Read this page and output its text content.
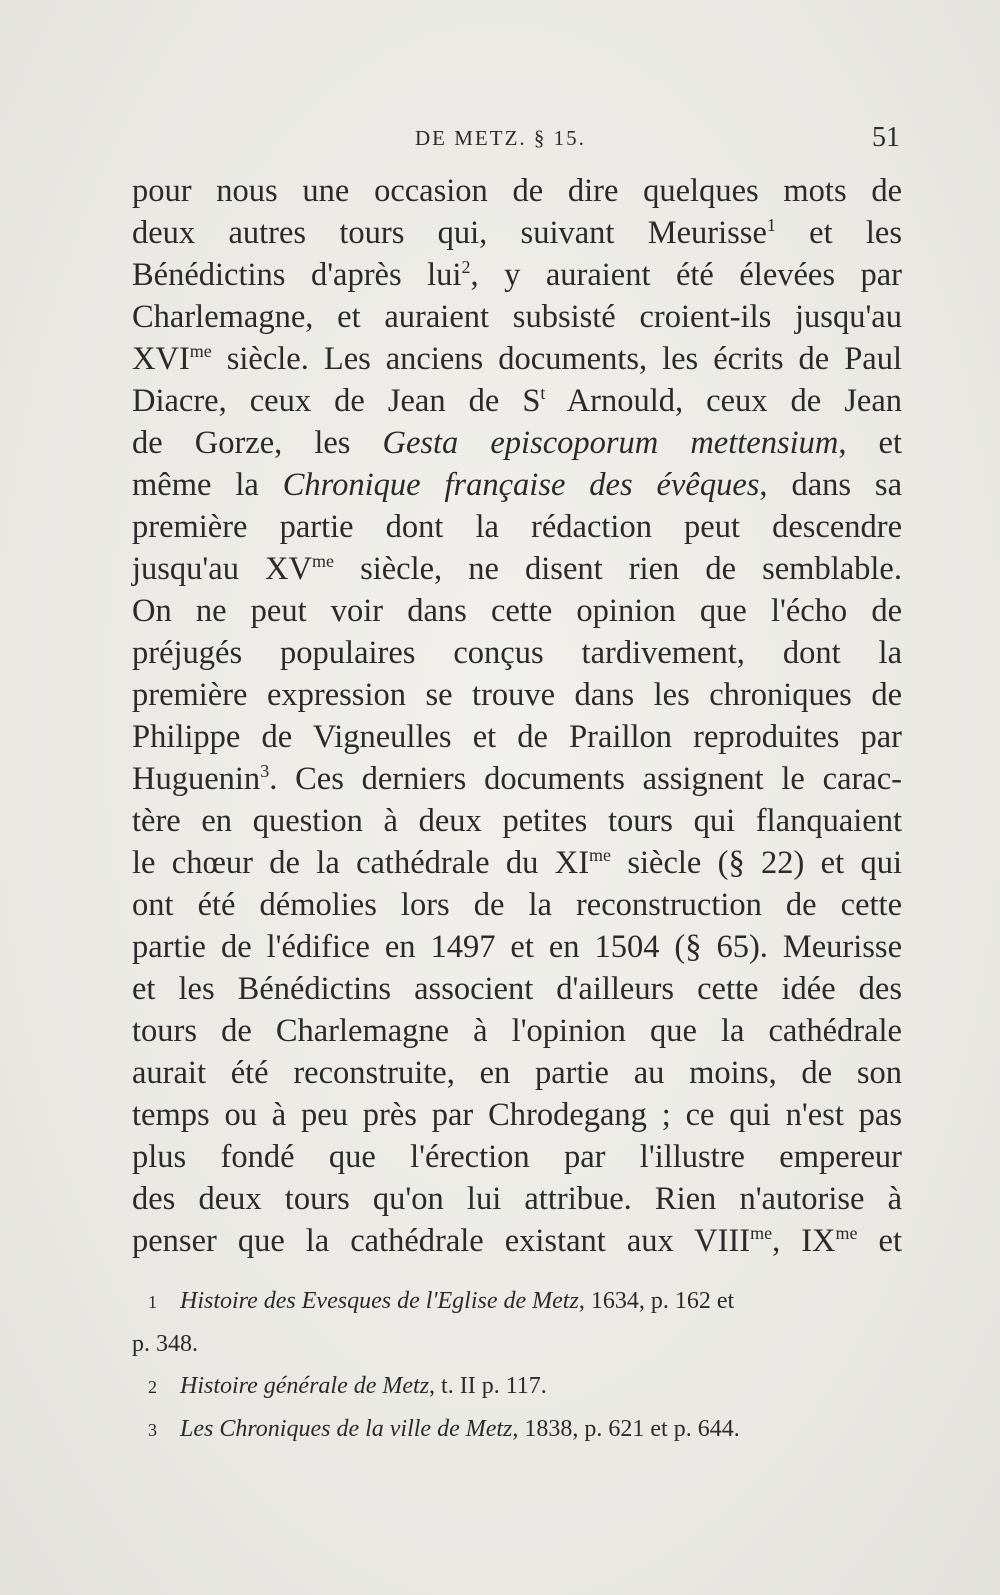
DE METZ. § 15.	51
pour nous une occasion de dire quelques mots de
deux autres tours qui, suivant Meurisse$^1$ et les
Bénédictins d'après lui$^2$, y auraient été élevées par
Charlemagne, et auraient subsisté croient-ils jusqu'au
$XVI^{me}$ siècle. Les anciens documents, les écrits de Paul
Diacre, ceux de Jean de $S^t$ Arnould, ceux de Jean
de Gorze, les Gesta episcoporum mettensium, et
même la Chronique française des évêques, dans sa
première partie dont la rédaction peut descendre
jusqu'au $XV^{me}$ siècle, ne disent rien de semblable.
On ne peut voir dans cette opinion que l'écho de
préjugés populaires conçus tardivement, dont la
première expression se trouve dans les chroniques de
Philippe de Vigneulles et de Praillon reproduites par
Huguenin$^3$. Ces derniers documents assignent le carac-
tère en question à deux petites tours qui flanquaient
le chœur de la cathédrale du $XI^{me}$ siècle (§ 22) et qui
ont été démolies lors de la reconstruction de cette
partie de l'édifice en 1497 et en 1504 (§ 65). Meurisse
et les Bénédictins associent d'ailleurs cette idée des
tours de Charlemagne à l'opinion que la cathédrale
aurait été reconstruite, en partie au moins, de son
temps ou à peu près par Chrodegang ; ce qui n'est pas
plus fondé que l'érection par l'illustre empereur
des deux tours qu'on lui attribue. Rien n'autorise à
penser que la cathédrale existant aux $VIII^{me}$, $IX^{me}$ et
1 Histoire des Evesques de l'Eglise de Metz, 1634, p. 162 et
p. 348.
2 Histoire générale de Metz, t. II p. 117.
3 Les Chroniques de la ville de Metz, 1838, p. 621 et p. 644.
